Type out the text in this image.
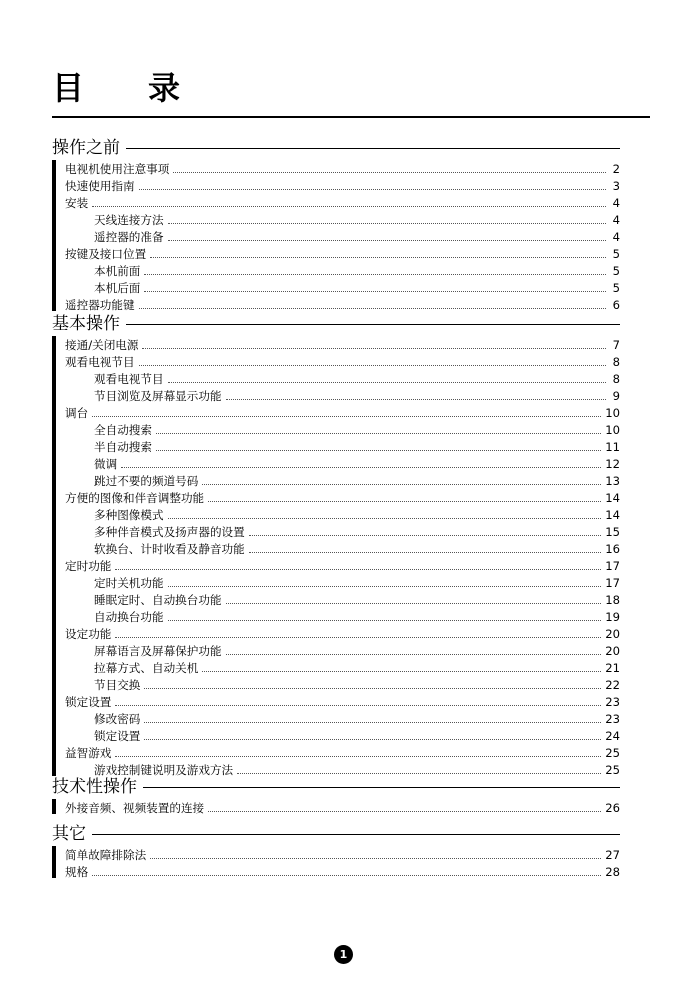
目　　录
操作之前
电视机使用注意事项	2
快速使用指南	3
安装	4
天线连接方法	4
遥控器的准备	4
按键及接口位置	5
本机前面	5
本机后面	5
遥控器功能键	6
基本操作
接通/关闭电源	7
观看电视节目	8
观看电视节目	8
节目浏览及屏幕显示功能	9
调台	10
全自动搜索	10
半自动搜索	11
微调	12
跳过不要的频道号码	13
方便的图像和伴音调整功能	14
多种图像模式	14
多种伴音模式及扬声器的设置	15
软换台、计时收看及静音功能	16
定时功能	17
定时关机功能	17
睡眠定时、自动换台功能	18
自动换台功能	19
设定功能	20
屏幕语言及屏幕保护功能	20
拉幕方式、自动关机	21
节目交换	22
锁定设置	23
修改密码	23
锁定设置	24
益智游戏	25
游戏控制键说明及游戏方法	25
技术性操作
外接音频、视频装置的连接	26
其它
简单故障排除法	27
规格	28
1
